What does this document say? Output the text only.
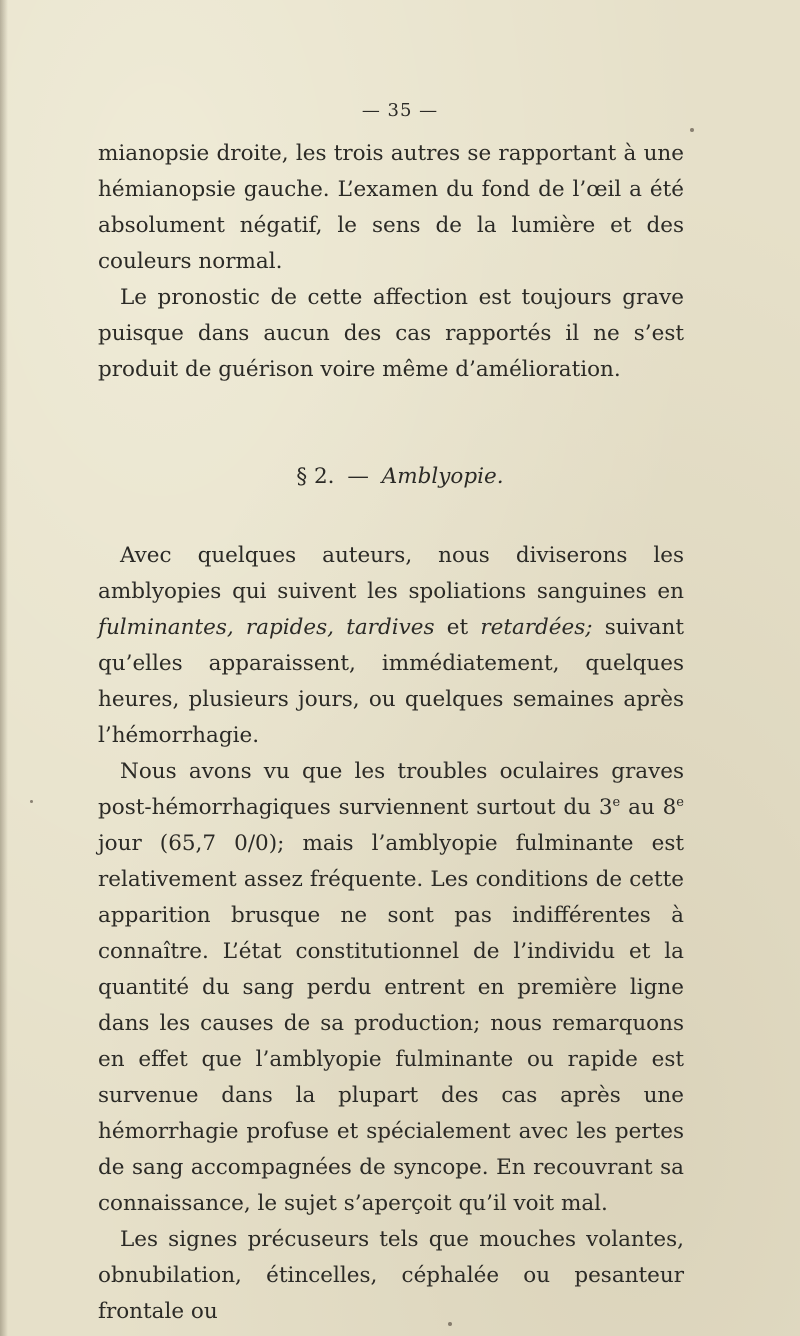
— 35 —

mianopsie droite, les trois autres se rapportant à une hémianopsie gauche. L’examen du fond de l’œil a été absolument négatif, le sens de la lumière et des couleurs normal.

Le pronostic de cette affection est toujours grave puisque dans aucun des cas rapportés il ne s’est produit de guérison voire même d’amélioration.

§ 2. — Amblyopie.

Avec quelques auteurs, nous diviserons les amblyopies qui suivent les spoliations sanguines en fulminantes, rapides, tardives et retardées; suivant qu’elles apparaissent, immédiatement, quelques heures, plusieurs jours, ou quelques semaines après l’hémorrhagie.

Nous avons vu que les troubles oculaires graves post-hémorrhagiques surviennent surtout du 3e au 8e jour (65,7 0/0); mais l’amblyopie fulminante est relativement assez fréquente. Les conditions de cette apparition brusque ne sont pas indifférentes à connaître. L’état constitutionnel de l’individu et la quantité du sang perdu entrent en première ligne dans les causes de sa production; nous remarquons en effet que l’amblyopie fulminante ou rapide est survenue dans la plupart des cas après une hémorrhagie profuse et spécialement avec les pertes de sang accompagnées de syncope. En recouvrant sa connaissance, le sujet s’aperçoit qu’il voit mal.

Les signes précuseurs tels que mouches volantes, obnubilation, étincelles, céphalée ou pesanteur frontale ou
